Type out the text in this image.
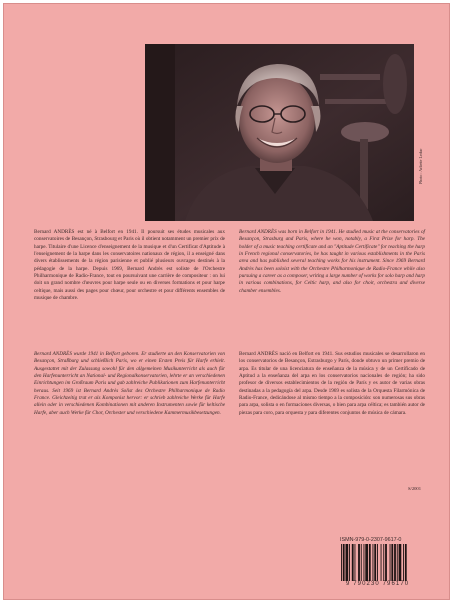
Photo : Arliette Leduc

Bernard ANDRÈS est né à Belfort en 1941. Il poursuit ses études musicales aux conservatoires de Besançon, Strasbourg et Paris où il obtient notamment un premier prix de harpe. Titulaire d'une Licence d'enseignement de la musique et d'un Certificat d'Aptitude à l'enseignement de la harpe dans les conservatoires nationaux de région, il a enseigné dans divers établissements de la région parisienne et publié plusieurs ouvrages destinés à la pédagogie de la harpe. Depuis 1969, Bernard Andrès est soliste de l'Orchestre Philharmonique de Radio-France, tout en poursuivant une carrière de compositeur : on lui doit un grand nombre d'œuvres pour harpe seule ou en diverses formations et pour harpe celtique, mais aussi des pages pour chœur, pour orchestre et pour différents ensembles de musique de chambre.

Bernard ANDRÈS was born in Belfort in 1941. He studied music at the conservatories of Besançon, Strasburg and Paris, where he won, notably, a First Prize for harp. The holder of a music teaching certificate and an "Aptitude Certificate" for teaching the harp in French regional conservatories, he has taught in various establishments in the Paris area and has published several teaching works for his instrument. Since 1969 Bernard Andrès has been soloist with the Orchestre Philharmonique de Radio-France while also pursuing a career as a composer, writing a large number of works for solo harp and harp in various combinations, for Celtic harp, and also for choir, orchestra and diverse chamber ensembles.

Bernard ANDRÈS wurde 1941 in Belfort geboren. Er studierte an den Konservatorien von Besançon, Straßburg und schließlich Paris, wo er einen Ersten Preis für Harfe erhielt. Ausgestattet mit der Zulassung sowohl für den allgemeinen Musikunterricht als auch für den Harfenunterricht an National- und Regionalkonservatorien, lehrte er an verschiedenen Einrichtungen im Großraum Paris und gab zahlreiche Publikationen zum Harfenunterricht heraus. Seit 1969 ist Bernard Andrès Solist des Orchestre Philharmonique de Radio France. Gleichzeitig trat er als Komponist hervor: er schrieb zahlreiche Werke für Harfe allein oder in verschiedenen Kombinationen mit anderen Instrumenten sowie für keltische Harfe, aber auch Werke für Chor, Orchester und verschiedene Kammermusikbesetzungen.

Bernard ANDRÈS nació en Belfort en 1941. Sus estudios musicales se desarrollaron en los conservatorios de Besançon, Estrasburgo y París, donde obtuvo un primer premio de arpa. Es titular de una licenciatura de enseñanza de la música y de un Certificado de Aptitud a la enseñanza del arpa en los conservatorios nacionales de región; ha sido profesor de diversos establecimientos de la región de París y es autor de varias obras destinadas a la pedagogía del arpa. Desde 1969 es solista de la Orquesta Filarmónica de Radio-France, dedicándose al mismo tiempo a la composición: son numerosas sus obras para arpa, solista o en formaciones diversas, o bien para arpa céltica; es también autor de piezas para coro, para orquesta y para diferentes conjuntos de música de cámara.

S/2001
ISMN-979-0-2307-9617-0
9 790230 796170
